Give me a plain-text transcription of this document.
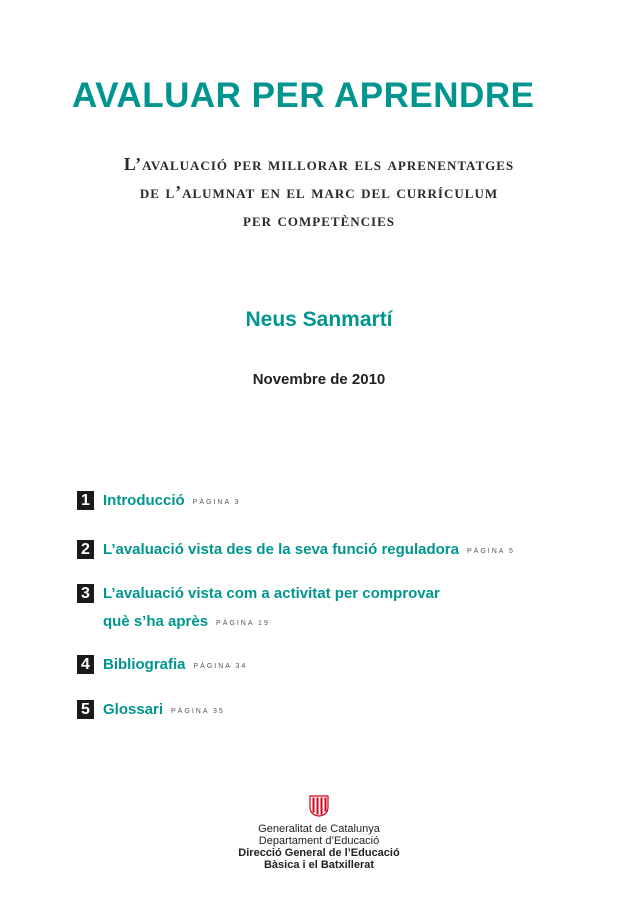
AVALUAR PER APRENDRE
L’avaluació per millorar els aprenentatges
de l’alumnat en el marc del currículum
per competències
Neus Sanmartí
Novembre de 2010
1 Introducció PÀGINA 3
2 L’avaluació vista des de la seva funció reguladora PÀGINA 5
3 L’avaluació vista com a activitat per comprovar
què s’ha après PÀGINA 19
4 Bibliografia PÀGINA 34
5 Glossari PÀGINA 35
Generalitat de Catalunya
Departament d’Educació
Direcció General de l’Educació
Bàsica i el Batxillerat
